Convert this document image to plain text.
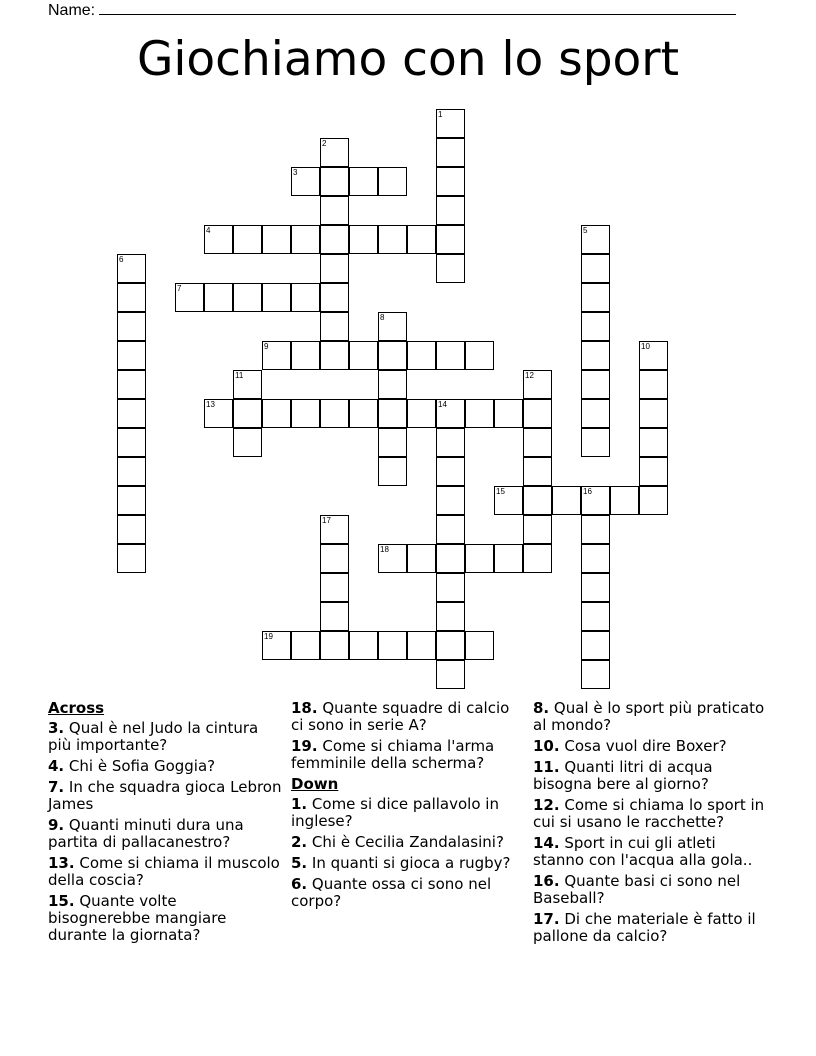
Name:
Giochiamo con lo sport
1
2
3
4	5
6
7
8
9	10
11	12
13	14
15	16
17
18
19
Across
3. Qual è nel Judo la cintura più importante?
4. Chi è Sofia Goggia?
7. In che squadra gioca Lebron James
9. Quanti minuti dura una partita di pallacanestro?
13. Come si chiama il muscolo della coscia?
15. Quante volte bisognerebbe mangiare durante la giornata?
18. Quante squadre di calcio ci sono in serie A?
19. Come si chiama l'arma femminile della scherma?
Down
1. Come si dice pallavolo in inglese?
2. Chi è Cecilia Zandalasini?
5. In quanti si gioca a rugby?
6. Quante ossa ci sono nel corpo?
8. Qual è lo sport più praticato al mondo?
10. Cosa vuol dire Boxer?
11. Quanti litri di acqua bisogna bere al giorno?
12. Come si chiama lo sport in cui si usano le racchette?
14. Sport in cui gli atleti stanno con l'acqua alla gola..
16. Quante basi ci sono nel Baseball?
17. Di che materiale è fatto il pallone da calcio?
